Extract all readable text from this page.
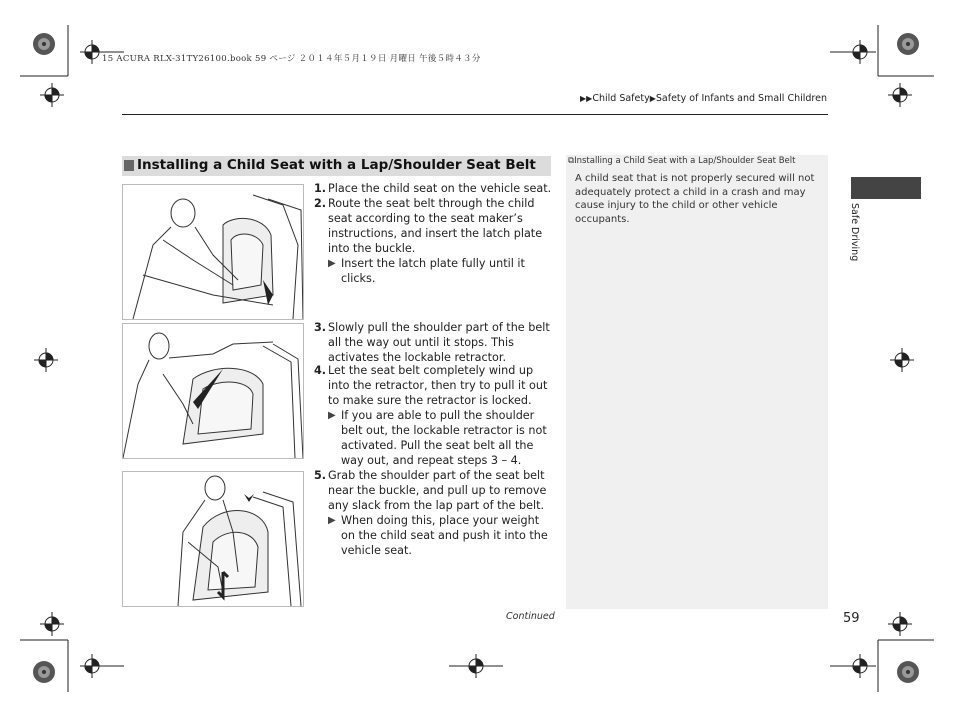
15 ACURA RLX-31TY26100.book 59 ページ ２０１４年５月１９日 月曜日 午後５時４３分
▶▶Child Safety▶Safety of Infants and Small Children
Installing a Child Seat with a Lap/Shoulder Seat Belt
1. Place the child seat on the vehicle seat.
2. Route the seat belt through the child seat according to the seat maker’s instructions, and insert the latch plate into the buckle.
▶ Insert the latch plate fully until it clicks.
3. Slowly pull the shoulder part of the belt all the way out until it stops. This activates the lockable retractor.
4. Let the seat belt completely wind up into the retractor, then try to pull it out to make sure the retractor is locked.
▶ If you are able to pull the shoulder belt out, the lockable retractor is not activated. Pull the seat belt all the way out, and repeat steps 3 – 4.
5. Grab the shoulder part of the seat belt near the buckle, and pull up to remove any slack from the lap part of the belt.
▶ When doing this, place your weight on the child seat and push it into the vehicle seat.
⧉Installing a Child Seat with a Lap/Shoulder Seat Belt
A child seat that is not properly secured will not adequately protect a child in a crash and may cause injury to the child or other vehicle occupants.	Safe Driving
Continued	59
